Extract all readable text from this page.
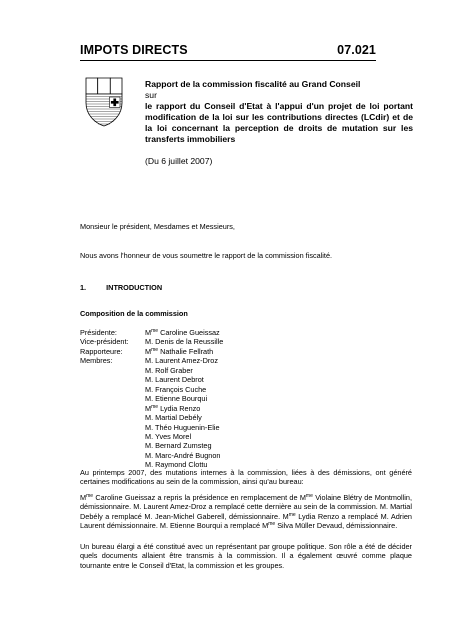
IMPOTS DIRECTS	07.021
Rapport de la commission fiscalité au Grand Conseil
sur
le rapport du Conseil d'Etat à l'appui d'un projet de loi portant modification de la loi sur les contributions directes (LCdir) et de la loi concernant la perception de droits de mutation sur les transferts immobiliers
(Du 6 juillet 2007)
Monsieur le président, Mesdames et Messieurs,
Nous avons l'honneur de vous soumettre le rapport de la commission fiscalité.
1.	INTRODUCTION
Composition de la commission
Présidente:
Vice-président:
Rapporteure:
Membres:
$M^{me}$ Caroline Gueissaz
M. Denis de la Reussille
$M^{me}$ Nathalie Fellrath
M. Laurent Amez-Droz
M. Rolf Graber
M. Laurent Debrot
M. François Cuche
M. Etienne Bourqui
$M^{me}$ Lydia Renzo
M. Martial Debély
M. Théo Huguenin-Elie
M. Yves Morel
M. Bernard Zumsteg
M. Marc-André Bugnon
M. Raymond Clottu
Au printemps 2007, des mutations internes à la commission, liées à des démissions, ont généré certaines modifications au sein de la commission, ainsi qu'au bureau:
$M^{me}$ Caroline Gueissaz a repris la présidence en remplacement de $M^{me}$ Violaine Blétry de Montmollin, démissionnaire. M. Laurent Amez-Droz a remplacé cette dernière au sein de la commission. M. Martial Debély a remplacé M. Jean-Michel Gaberell, démissionnaire. $M^{me}$ Lydia Renzo a remplacé M. Adrien Laurent démissionnaire. M. Etienne Bourqui a remplacé $M^{me}$ Silva Müller Devaud, démissionnaire.
Un bureau élargi a été constitué avec un représentant par groupe politique. Son rôle a été de décider quels documents allaient être transmis à la commission. Il a également œuvré comme plaque tournante entre le Conseil d'Etat, la commission et les groupes.
